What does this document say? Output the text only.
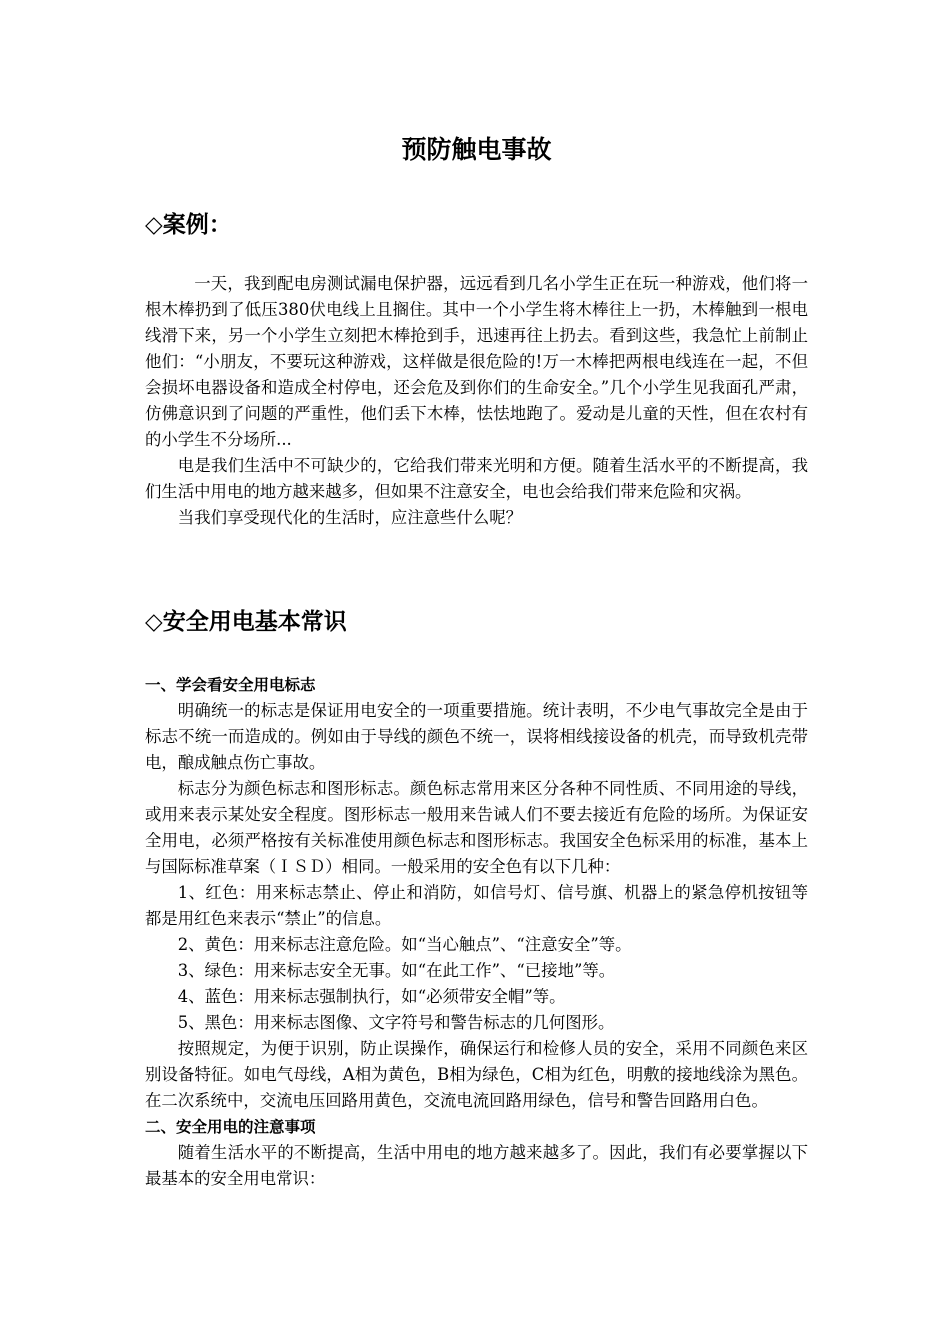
预防触电事故
◇案例：

一天，我到配电房测试漏电保护器，远远看到几名小学生正在玩一种游戏，他们将一根木棒扔到了低压380伏电线上且搁住。其中一个小学生将木棒往上一扔，木棒触到一根电线滑下来，另一个小学生立刻把木棒抢到手，迅速再往上扔去。看到这些，我急忙上前制止他们：“小朋友，不要玩这种游戏，这样做是很危险的!万一木棒把两根电线连在一起，不但会损坏电器设备和造成全村停电，还会危及到你们的生命安全。”几个小学生见我面孔严肃，仿佛意识到了问题的严重性，他们丢下木棒，怯怯地跑了。爱动是儿童的天性，但在农村有的小学生不分场所...

电是我们生活中不可缺少的，它给我们带来光明和方便。随着生活水平的不断提高，我们生活中用电的地方越来越多，但如果不注意安全，电也会给我们带来危险和灾祸。

当我们享受现代化的生活时，应注意些什么呢？

◇安全用电基本常识

一、学会看安全用电标志

明确统一的标志是保证用电安全的一项重要措施。统计表明，不少电气事故完全是由于标志不统一而造成的。例如由于导线的颜色不统一，误将相线接设备的机壳，而导致机壳带电，酿成触点伤亡事故。

标志分为颜色标志和图形标志。颜色标志常用来区分各种不同性质、不同用途的导线，或用来表示某处安全程度。图形标志一般用来告诫人们不要去接近有危险的场所。为保证安全用电，必须严格按有关标准使用颜色标志和图形标志。我国安全色标采用的标准，基本上与国际标准草案（ＩＳＤ）相同。一般采用的安全色有以下几种：

1、红色：用来标志禁止、停止和消防，如信号灯、信号旗、机器上的紧急停机按钮等都是用红色来表示“禁止”的信息。

2、黄色：用来标志注意危险。如“当心触点”、“注意安全”等。

3、绿色：用来标志安全无事。如“在此工作”、“已接地”等。

4、蓝色：用来标志强制执行，如“必须带安全帽”等。

5、黑色：用来标志图像、文字符号和警告标志的几何图形。

按照规定，为便于识别，防止误操作，确保运行和检修人员的安全，采用不同颜色来区别设备特征。如电气母线，A相为黄色，B相为绿色，C相为红色，明敷的接地线涂为黑色。在二次系统中，交流电压回路用黄色，交流电流回路用绿色，信号和警告回路用白色。

二、安全用电的注意事项

随着生活水平的不断提高，生活中用电的地方越来越多了。因此，我们有必要掌握以下最基本的安全用电常识：
